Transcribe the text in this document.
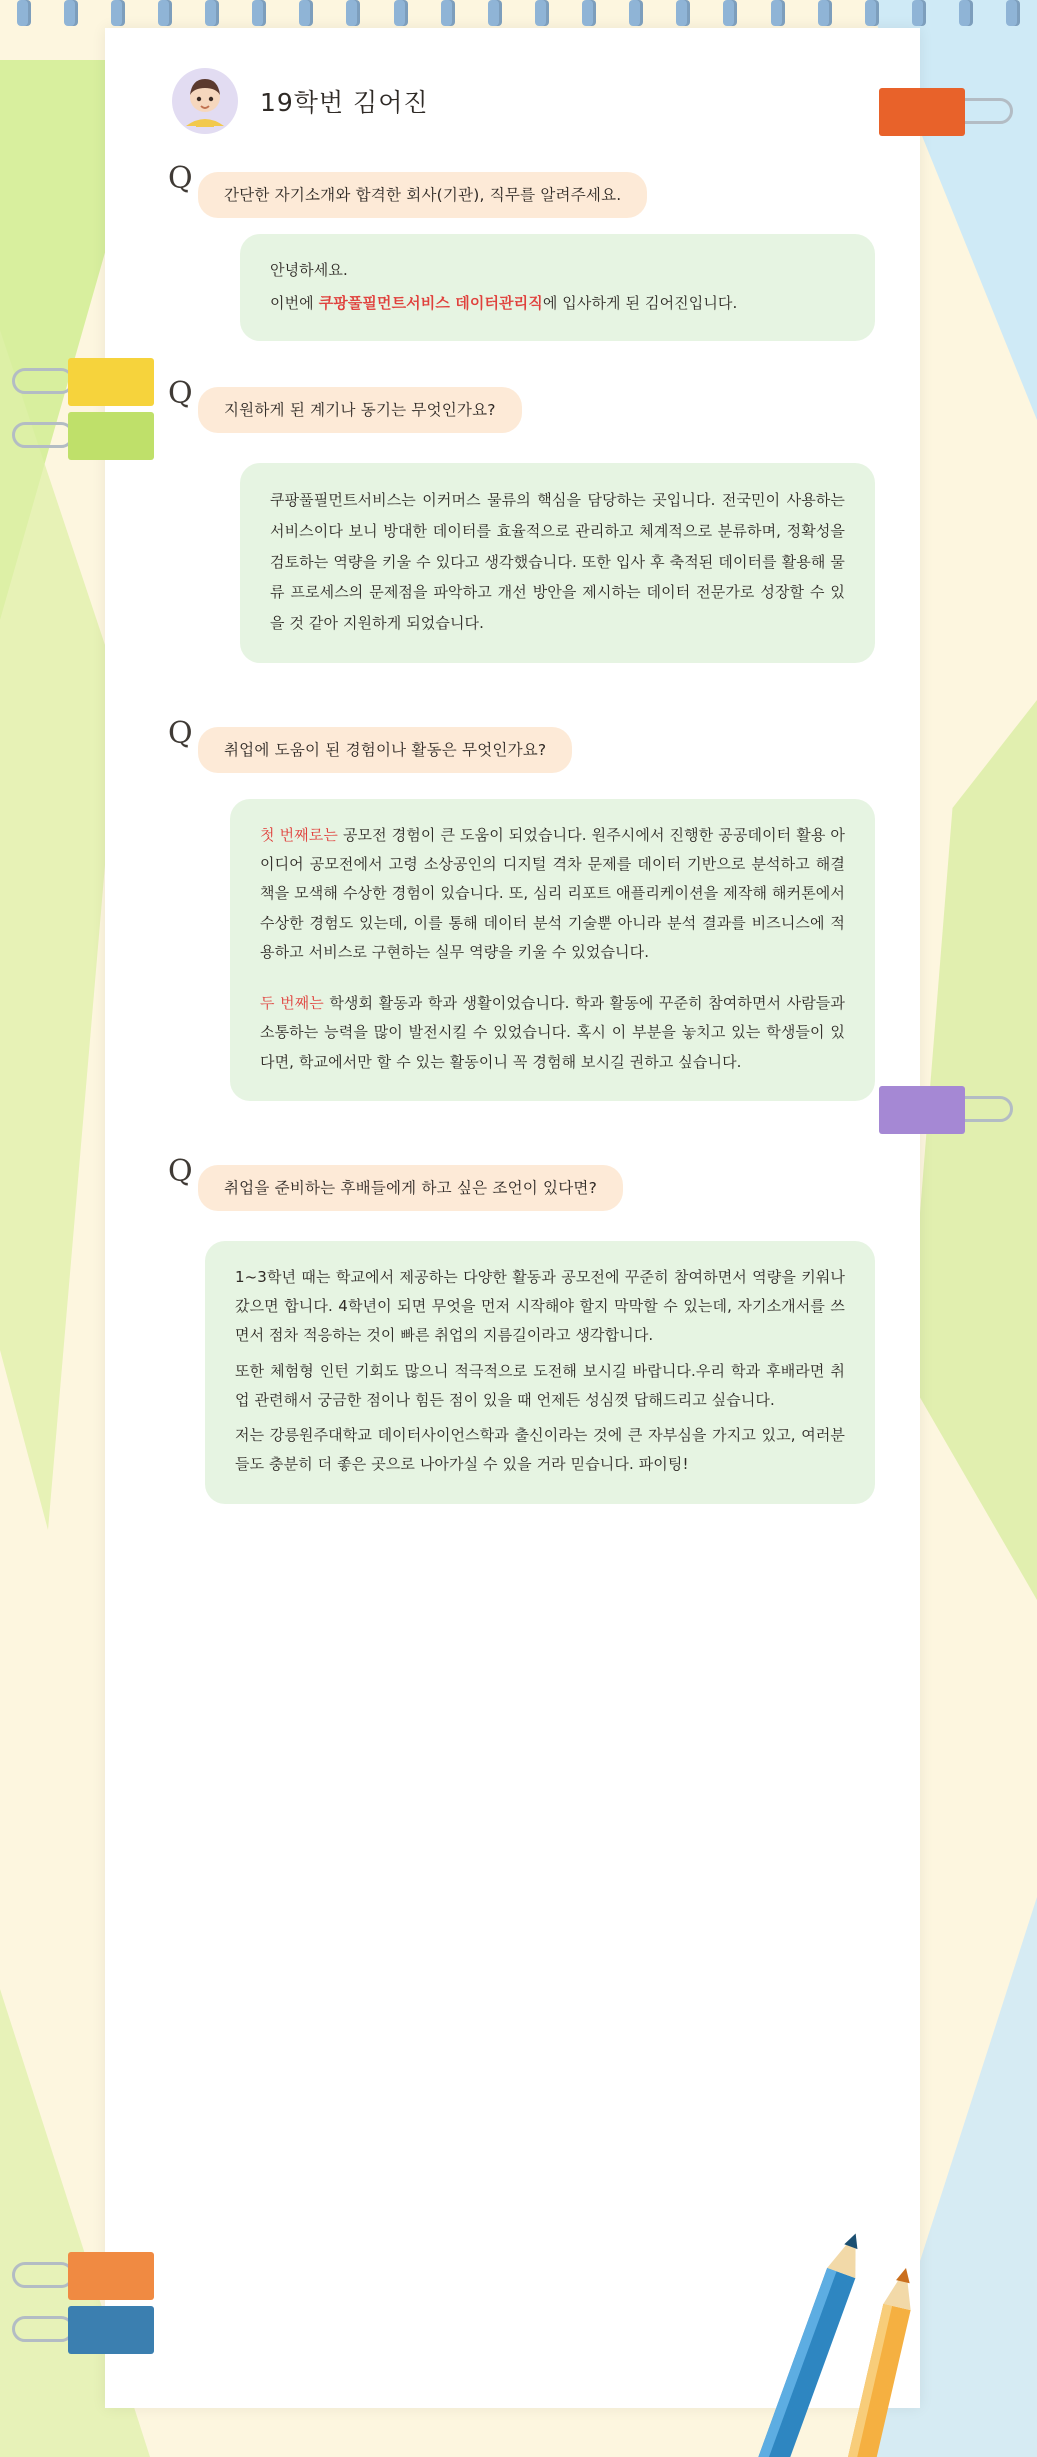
19학번 김어진
Q	간단한 자기소개와 합격한 회사(기관), 직무를 알려주세요.

안녕하세요.

이번에 쿠팡풀필먼트서비스 데이터관리직에 입사하게 된 김어진입니다.

Q	지원하게 된 계기나 동기는 무엇인가요?

쿠팡풀필먼트서비스는 이커머스 물류의 핵심을 담당하는 곳입니다. 전국민이 사용하는 서비스이다 보니 방대한 데이터를 효율적으로 관리하고 체계적으로 분류하며, 정확성을 검토하는 역량을 키울 수 있다고 생각했습니다. 또한 입사 후 축적된 데이터를 활용해 물류 프로세스의 문제점을 파악하고 개선 방안을 제시하는 데이터 전문가로 성장할 수 있을 것 같아 지원하게 되었습니다.

Q	취업에 도움이 된 경험이나 활동은 무엇인가요?

첫 번째로는 공모전 경험이 큰 도움이 되었습니다. 원주시에서 진행한 공공데이터 활용 아이디어 공모전에서 고령 소상공인의 디지털 격차 문제를 데이터 기반으로 분석하고 해결책을 모색해 수상한 경험이 있습니다. 또, 심리 리포트 애플리케이션을 제작해 해커톤에서 수상한 경험도 있는데, 이를 통해 데이터 분석 기술뿐 아니라 분석 결과를 비즈니스에 적용하고 서비스로 구현하는 실무 역량을 키울 수 있었습니다.

두 번째는 학생회 활동과 학과 생활이었습니다. 학과 활동에 꾸준히 참여하면서 사람들과 소통하는 능력을 많이 발전시킬 수 있었습니다. 혹시 이 부분을 놓치고 있는 학생들이 있다면, 학교에서만 할 수 있는 활동이니 꼭 경험해 보시길 권하고 싶습니다.

Q	취업을 준비하는 후배들에게 하고 싶은 조언이 있다면?

1~3학년 때는 학교에서 제공하는 다양한 활동과 공모전에 꾸준히 참여하면서 역량을 키워나갔으면 합니다. 4학년이 되면 무엇을 먼저 시작해야 할지 막막할 수 있는데, 자기소개서를 쓰면서 점차 적응하는 것이 빠른 취업의 지름길이라고 생각합니다.

또한 체험형 인턴 기회도 많으니 적극적으로 도전해 보시길 바랍니다.우리 학과 후배라면 취업 관련해서 궁금한 점이나 힘든 점이 있을 때 언제든 성심껏 답해드리고 싶습니다.

저는 강릉원주대학교 데이터사이언스학과 출신이라는 것에 큰 자부심을 가지고 있고, 여러분들도 충분히 더 좋은 곳으로 나아가실 수 있을 거라 믿습니다. 파이팅!
